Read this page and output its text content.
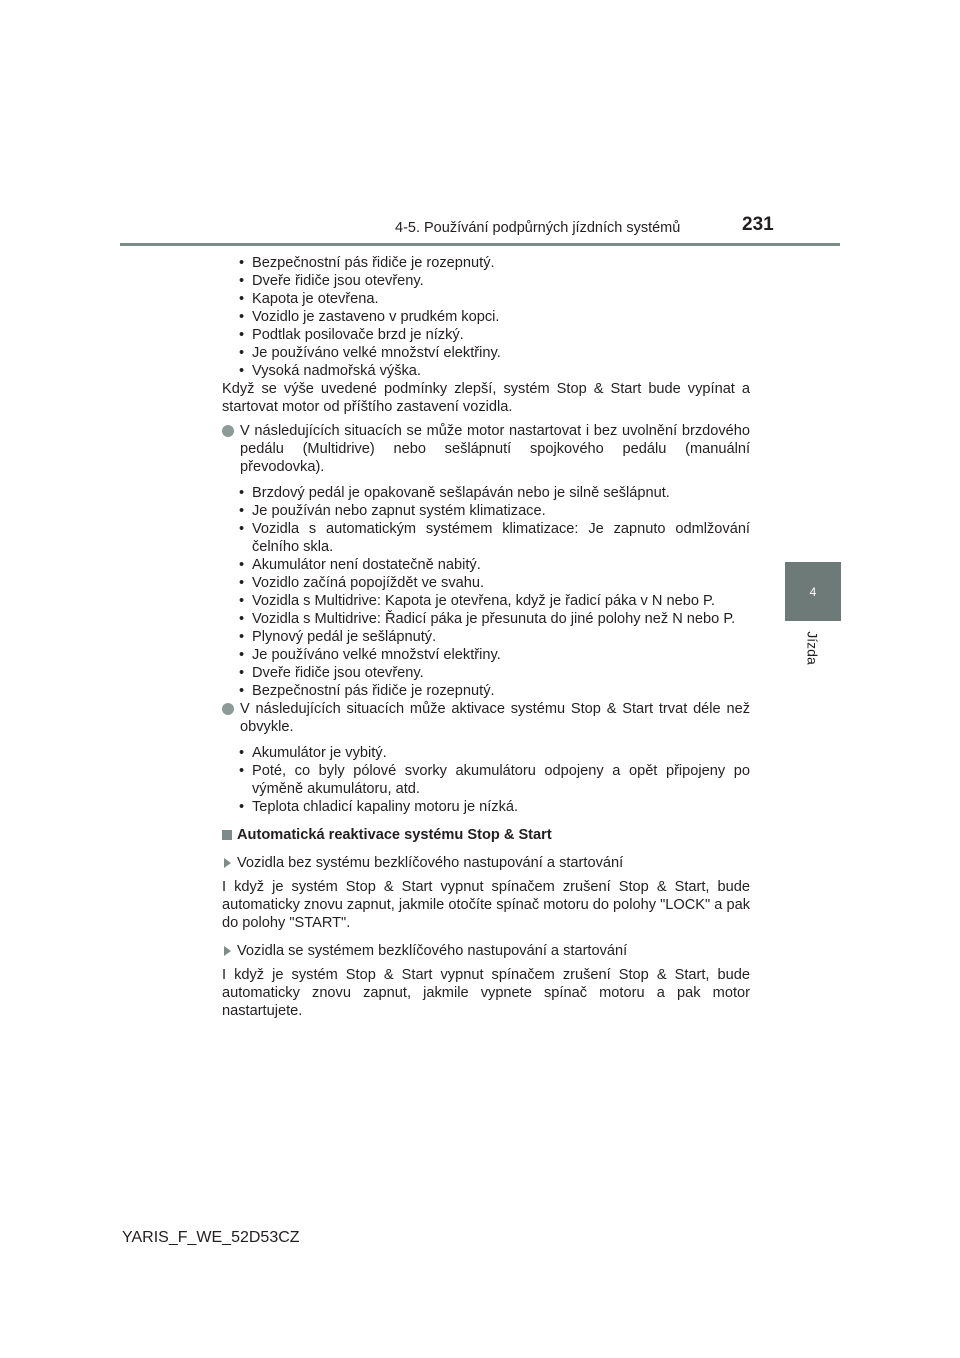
4-5. Používání podpůrných jízdních systémů	231
4
Jízda
• Bezpečnostní pás řidiče je rozepnutý.
• Dveře řidiče jsou otevřeny.
• Kapota je otevřena.
• Vozidlo je zastaveno v prudkém kopci.
• Podtlak posilovače brzd je nízký.
• Je používáno velké množství elektřiny.
• Vysoká nadmořská výška.

Když se výše uvedené podmínky zlepší, systém Stop & Start bude vypínat a startovat motor od příštího zastavení vozidla.

V následujících situacích se může motor nastartovat i bez uvolnění brzdového pedálu (Multidrive) nebo sešlápnutí spojkového pedálu (manuální převodovka).
• Brzdový pedál je opakovaně sešlapáván nebo je silně sešlápnut.
• Je používán nebo zapnut systém klimatizace.
• Vozidla s automatickým systémem klimatizace: Je zapnuto odmlžování čelního skla.
• Akumulátor není dostatečně nabitý.
• Vozidlo začíná popojíždět ve svahu.
• Vozidla s Multidrive: Kapota je otevřena, když je řadicí páka v N nebo P.
• Vozidla s Multidrive: Řadicí páka je přesunuta do jiné polohy než N nebo P.
• Plynový pedál je sešlápnutý.
• Je používáno velké množství elektřiny.
• Dveře řidiče jsou otevřeny.
• Bezpečnostní pás řidiče je rozepnutý.
V následujících situacích může aktivace systému Stop & Start trvat déle než obvykle.
• Akumulátor je vybitý.
• Poté, co byly pólové svorky akumulátoru odpojeny a opět připojeny po výměně akumulátoru, atd.
• Teplota chladicí kapaliny motoru je nízká.
Automatická reaktivace systému Stop & Start
Vozidla bez systému bezklíčového nastupování a startování

I když je systém Stop & Start vypnut spínačem zrušení Stop & Start, bude automaticky znovu zapnut, jakmile otočíte spínač motoru do polohy "LOCK" a pak do polohy "START".

Vozidla se systémem bezklíčového nastupování a startování

I když je systém Stop & Start vypnut spínačem zrušení Stop & Start, bude automaticky znovu zapnut, jakmile vypnete spínač motoru a pak motor nastartujete.

YARIS_F_WE_52D53CZ
